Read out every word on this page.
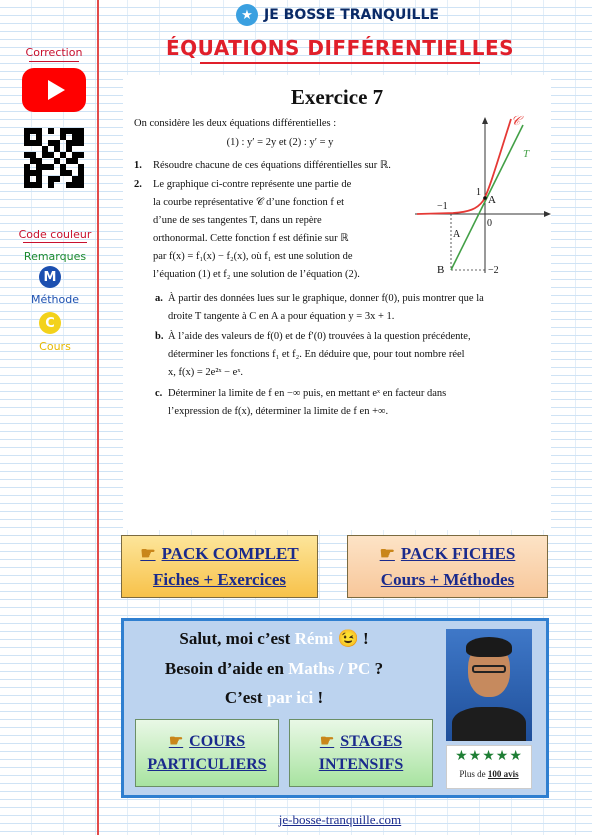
★ JE BOSSE TRANQUILLE
ÉQUATIONS DIFFÉRENTIELLES
Correction
Code couleur
Remarques
M
Méthode
C
Cours
Exercice 7
On considère les deux équations différentielles :
(1) : y′ = 2y et (2) : y′ = y
1. Résoudre chacune de ces équations différentielles sur ℝ.
2. Le graphique ci-contre représente une partie de
la courbe représentative 𝒞 d’une fonction f et
d’une de ses tangentes T, dans un repère
orthonormal. Cette fonction f est définie sur ℝ
par f(x) = f₁(x) − f₂(x), où f₁ est une solution de
l’équation (1) et f₂ une solution de l’équation (2).
a. À partir des données lues sur le graphique, donner f(0), puis montrer que la
droite T tangente à C en A a pour équation y = 3x + 1.
b. À l’aide des valeurs de f(0) et de f′(0) trouvées à la question précédente,
déterminer les fonctions f₁ et f₂. En déduire que, pour tout nombre réel
x, f(x) = 2e²ˣ − eˣ.
c. Déterminer la limite de f en −∞ puis, en mettant eˣ en facteur dans
l’expression de f(x), déterminer la limite de f en +∞.
𝒞
T
1
A
−1
0
A
B	−2
☛ PACK COMPLET
Fiches + Exercices
☛ PACK FICHES
Cours + Méthodes
Salut, moi c’est Rémi 😉 !
Besoin d’aide en Maths / PC ?
C’est par ici !
★★★★★
Plus de 100 avis
☛ COURS
PARTICULIERS
☛ STAGES
INTENSIFS
je-bosse-tranquille.com
